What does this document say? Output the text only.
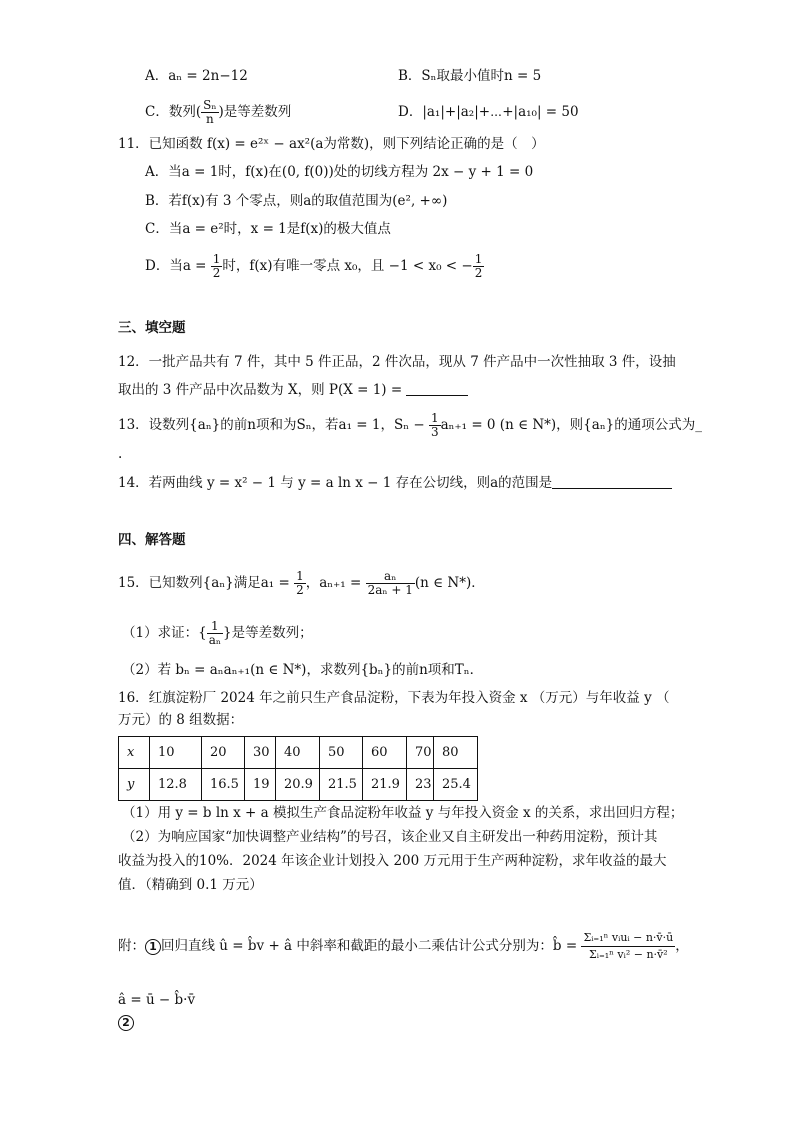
A．aₙ = 2n−12	B．Sₙ取最小值时n = 5
C．数列( $\frac{\text{Sₙ}}{n}$ )是等差数列	D．|a₁|+|a₂|+⋯+|a₁₀| = 50
11．已知函数 f(x) = e²ˣ − ax²(a为常数)，则下列结论正确的是（　）
A．当a = 1时，f(x)在(0, f(0))处的切线方程为 2x − y + 1 = 0
B．若f(x)有 3 个零点，则a的取值范围为(e², +∞)
C．当a = e²时，x = 1是f(x)的极大值点
D．当$a = \frac{1}{2}$ 时，f(x)有唯一零点 x₀，且 −1 < x₀ < − $\frac{1}{2}$
三、填空题
12．一批产品共有 7 件，其中 5 件正品，2 件次品，现从 7 件产品中一次性抽取 3 件，设抽
取出的 3 件产品中次品数为 X，则 P(X = 1) =
13．设数列{aₙ}的前n项和为Sₙ，若a₁ = 1，$S_n - \frac{1}{3} a_{n+1} = 0$ (n ∈ N*)，则{aₙ}的通项公式为_
.
14．若两曲线 y = x² − 1 与 y = a ln x − 1 存在公切线，则a的范围是
四、解答题
15．已知数列{aₙ}满足$a_1 = \frac{1}{2}$ ，$a_{n+1} = \frac{\text{aₙ}}{\text{2aₙ + 1}} (n$ ∈ N*)．
（1）求证：{ $\frac{1}{\text{aₙ}}$ }是等差数列；
（2）若 bₙ = aₙaₙ₊₁(n ∈ N*)，求数列{bₙ}的前n项和Tₙ．
16．红旗淀粉厂 2024 年之前只生产食品淀粉，下表为年投入资金 x （万元）与年收益 y （
万元）的 8 组数据：
x	10	20	30	40	50	60	70	80
y	12.8	16.5	19	20.9	21.5	21.9	23	25.4
（1）用 y = b ln x + a 模拟生产食品淀粉年收益 y 与年投入资金 x 的关系，求出回归方程；
（2）为响应国家“加快调整产业结构”的号召，该企业又自主研发出一种药用淀粉，预计其
收益为投入的10%．2024 年该企业计划投入 200 万元用于生产两种淀粉，求年收益的最大
值．（精确到 0.1 万元）
附： 1 回归直线 û = b̂v + â 中斜率和截距的最小二乘估计公式分别为：b̂ = $\frac{\text{Σᵢ₌₁ⁿ vᵢuᵢ − n·v̄·ū}}{\text{Σᵢ₌₁ⁿ vᵢ² − n·v̄²}}$ ，
â = ū − b̂·v̄
2
